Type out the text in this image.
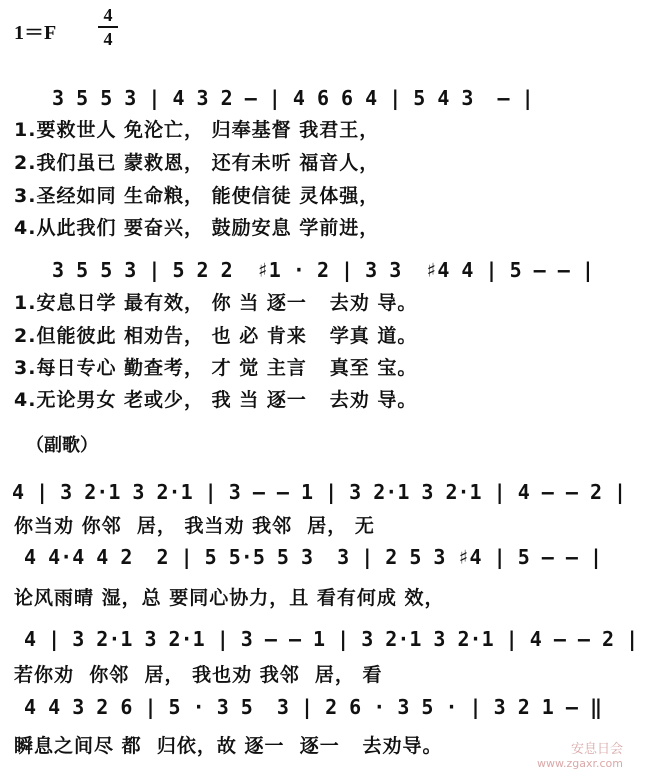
1＝F
4
4
3 5 5 3 | 4 3 2 – | 4 6 6 4 | 5 4 3  – |
1.要救世人 免沦亡， 归奉基督 我君王，
2.我们虽已 蒙救恩， 还有未听 福音人，
3.圣经如同 生命粮， 能使信徒 灵体强，
4.从此我们 要奋兴， 鼓励安息 学前进，
3 5 5 3 | 5 2 2  ♯1 · 2 | 3 3  ♯4 4 | 5 – – |
1.安息日学 最有效， 你 当 逐一   去劝 导。
2.但能彼此 相劝告， 也 必 肯来   学真 道。
3.每日专心 勤查考， 才 觉 主言   真至 宝。
4.无论男女 老或少， 我 当 逐一   去劝 导。
（副歌）
4 | 3 2·1 3 2·1 | 3 – – 1 | 3 2·1 3 2·1 | 4 – – 2 |
你当劝 你邻  居， 我当劝 我邻  居， 无
4 4·4 4 2  2 | 5 5·5 5 3  3 | 2 5 3 ♯4 | 5 – – |
论风雨晴 湿，总 要同心协力，且 看有何成 效，
4 | 3 2·1 3 2·1 | 3 – – 1 | 3 2·1 3 2·1 | 4 – – 2 |
若你劝  你邻  居， 我也劝 我邻  居， 看
4 4 3 2 6 | 5 · 3 5  3 | 2 6 · 3 5 · | 3 2 1 – ‖
瞬息之间尽 都  归依，故 逐一  逐一   去劝导。	安息日会
www.zgaxr.com
